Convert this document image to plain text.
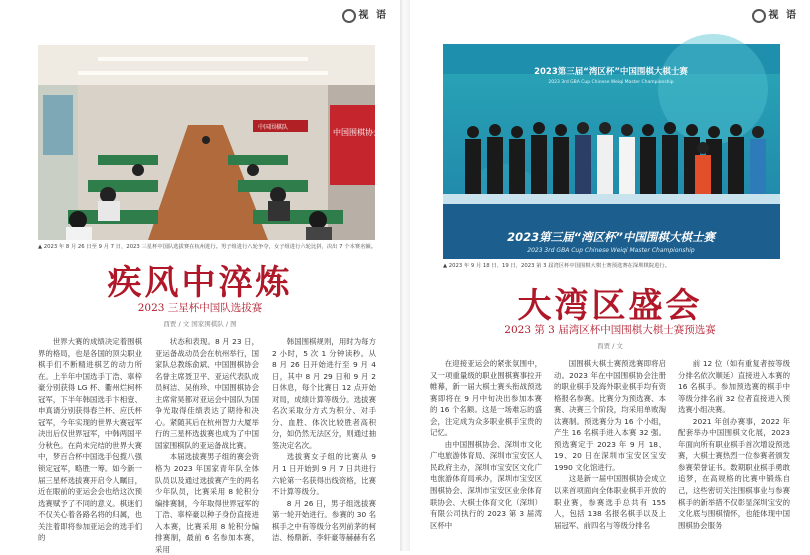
视 语
中国围棋协会
中国围棋队
▲ 2023 年 8 月 26 日至 9 月 7 日，2023 三星杯中国队选拔赛在杭州进行。男子组进行八轮争夺，女子组进行六轮比拼，决出 7 个本赛名额。
疾风中淬炼
2023 三星杯中国队选拔赛
酉贾 / 文 国家围棋队 / 图

世界大赛的成绩决定着围棋界的格局，也是各国的顶尖职业棋手们不断精进棋艺的动力所在。上半年中国选手丁浩、辜梓豪分别获得 LG 杯、衢州烂柯杯冠军，下半年韩国选手卞相壹、申真谞分别获得春兰杯、应氏杯冠军，今年实现的世界大赛冠军决出后仅世界冠军，中韩两国平分秋色。在尚未完结的世界大赛中，梦百合杯中国选手包揽八强锁定冠军，略胜一筹。如今新一届三星杯选拔赛开启令人瞩目，近在眼前的亚运会会也给这次预选赛赋予了不同的意义。棋迷们不仅关心着各路名将的归属，也关注着即将参加亚运会的选手们的

状态和表现。8 月 23 日，亚运备战动员会在杭州举行，国家队总教练俞斌、中国围棋协会名誉主席聂卫平、亚运代表队成员柯洁、吴侑珍、中国围棋协会主席常昊都对亚运会中国队为国争光取得佳绩表达了期待和决心。紧随其后在杭州智力大厦举行的三星杯选拔赛也成为了中国国家围棋队的亚运备战比赛。

本届选拔赛男子组的赛会资格为 2023 年国家青年队全体队员以及通过选拔赛产生的两名少年队员，比赛采用 8 轮积分编排赛制，今年取得世界冠军的丁浩、辜梓豪以种子身份直接进入本赛，比赛采用 8 轮积分编排赛制，最前 6 名参加本赛，采用

韩国围棋规则，用时为每方 2 小时，5 次 1 分钟读秒。从 8 月 26 日开始进行至 9 月 4 日，其中 8 月 29 日和 9 月 2 日休息，每个比赛日 12 点开始对局，成绩计算等级分。选拔赛名次采取分方式为积分、对手分、血胜、体次比较胜者高积分，如仍然无法区分，则通过抽签决定名次。

选拔赛女子组的比赛从 9 月 1 日开始到 9 月 7 日共进行六轮第一名获得出线资格，比赛不计算等级分。

8 月 26 日，男子组选拔赛第一轮开始进行。参赛的 30 名棋手之中有等级分名列前茅的柯洁、杨鼎新、李轩豪等赫赫有名

视 语
2023第三届“湾区杯”中国围棋大棋士赛
2023 3rd GBA Cup Chinese Weiqi Master Championship
2023第三届“湾区杯”中国围棋大棋士赛
2023 3rd GBA Cup Chinese Weiqi Master Championship
▲ 2023 年 9 月 18 日、19 日，2023 第 3 届湾区杯中国围棋大棋士赛预选赛在深圳棋院进行。
大湾区盛会
2023 第 3 届湾区杯中国围棋大棋士赛预选赛
酉贾 / 文

在迎接亚运会的紧张氛围中，又一项重量级的职业围棋赛事拉开帷幕，新一届大棋士赛头衔战预选赛即将在 9 月中旬决出参加本赛的 16 个名额。这是一场难忘的盛会，注定成为众多职业棋手宝贵的记忆。

由中国围棋协会、深圳市文化广电旅游体育局、深圳市宝安区人民政府主办，深圳市宝安区文化广电旅游体育局承办，深圳市宝安区围棋协会、深圳市宝安区业余体育联协会、大棋士体育文化（深圳）有限公司执行的 2023 第 3 届湾区杯中

国围棋大棋士赛预选赛即将启动。2023 年在中国围棋协会注册的职业棋手及海外职业棋手均有资格报名参赛。比赛分为预选赛、本赛、决赛三个阶段，均采用单败淘汰赛制。预选赛分为 16 个小组，产生 16 名棋手进入本赛 32 强。预选赛定于 2023 年 9 月 18、19、20 日在深圳市宝安区宝安 1990 文化馆进行。

这是新一届中国围棋协会成立以来首项面向全体职业棋手开放的职业赛，参赛选手总共有 155 人，包括 138 名报名棋手以及上届冠军、前四名与等级分排名

前 12 位（如有重复者按等级分排名依次顺延）直接进入本赛的 16 名棋手。参加预选赛的棋手中等级分排名前 32 位者直接进入预选赛小组决赛。

2021 年创办赛事，2022 年配套举办中国围棋文化展，2023 年面向所有职业棋手首次增设预选赛，大棋士赛热烈一位参赛者颁发参赛荣誉证书。数期职业棋手勇敢追梦，在高规格的比赛中锻炼自己，这些密切关注围棋事业与参赛棋手的新举措不仅彰显深圳宝安的文化底与围棋情怀，也能体现中国围棋协会服务
